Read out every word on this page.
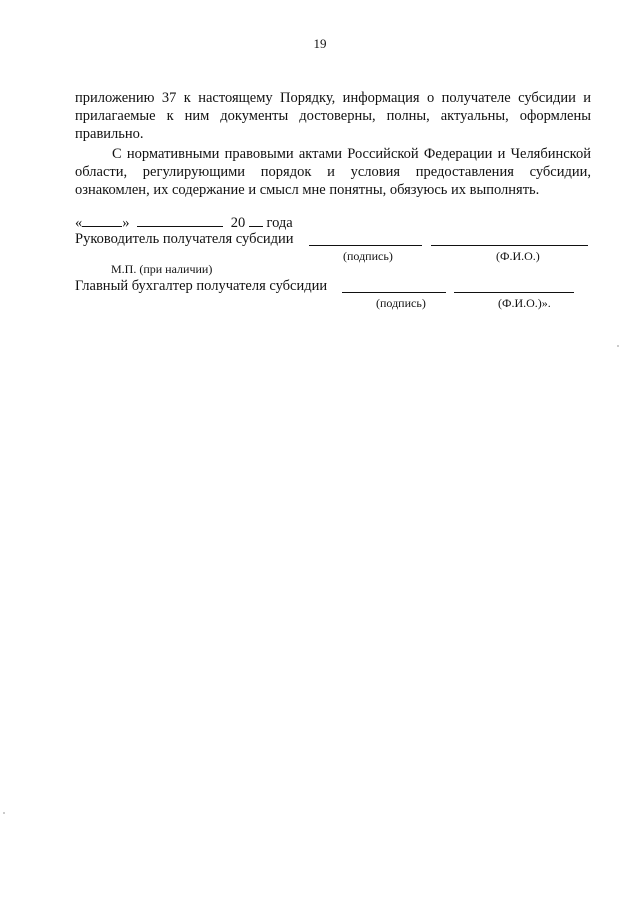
19

приложению 37 к настоящему Порядку, информация о получателе субсидии и прилагаемые к ним документы достоверны, полны, актуальны, оформлены правильно.

С нормативными правовыми актами Российской Федерации и Челябинской области, регулирующими порядок и условия предоставления субсидии, ознакомлен, их содержание и смысл мне понятны, обязуюсь их выполнять.

«	»	20 года
Руководитель получателя субсидии
(подпись)	(Ф.И.О.)
М.П. (при наличии)
Главный бухгалтер получателя субсидии
(подпись)	(Ф.И.О.)».
